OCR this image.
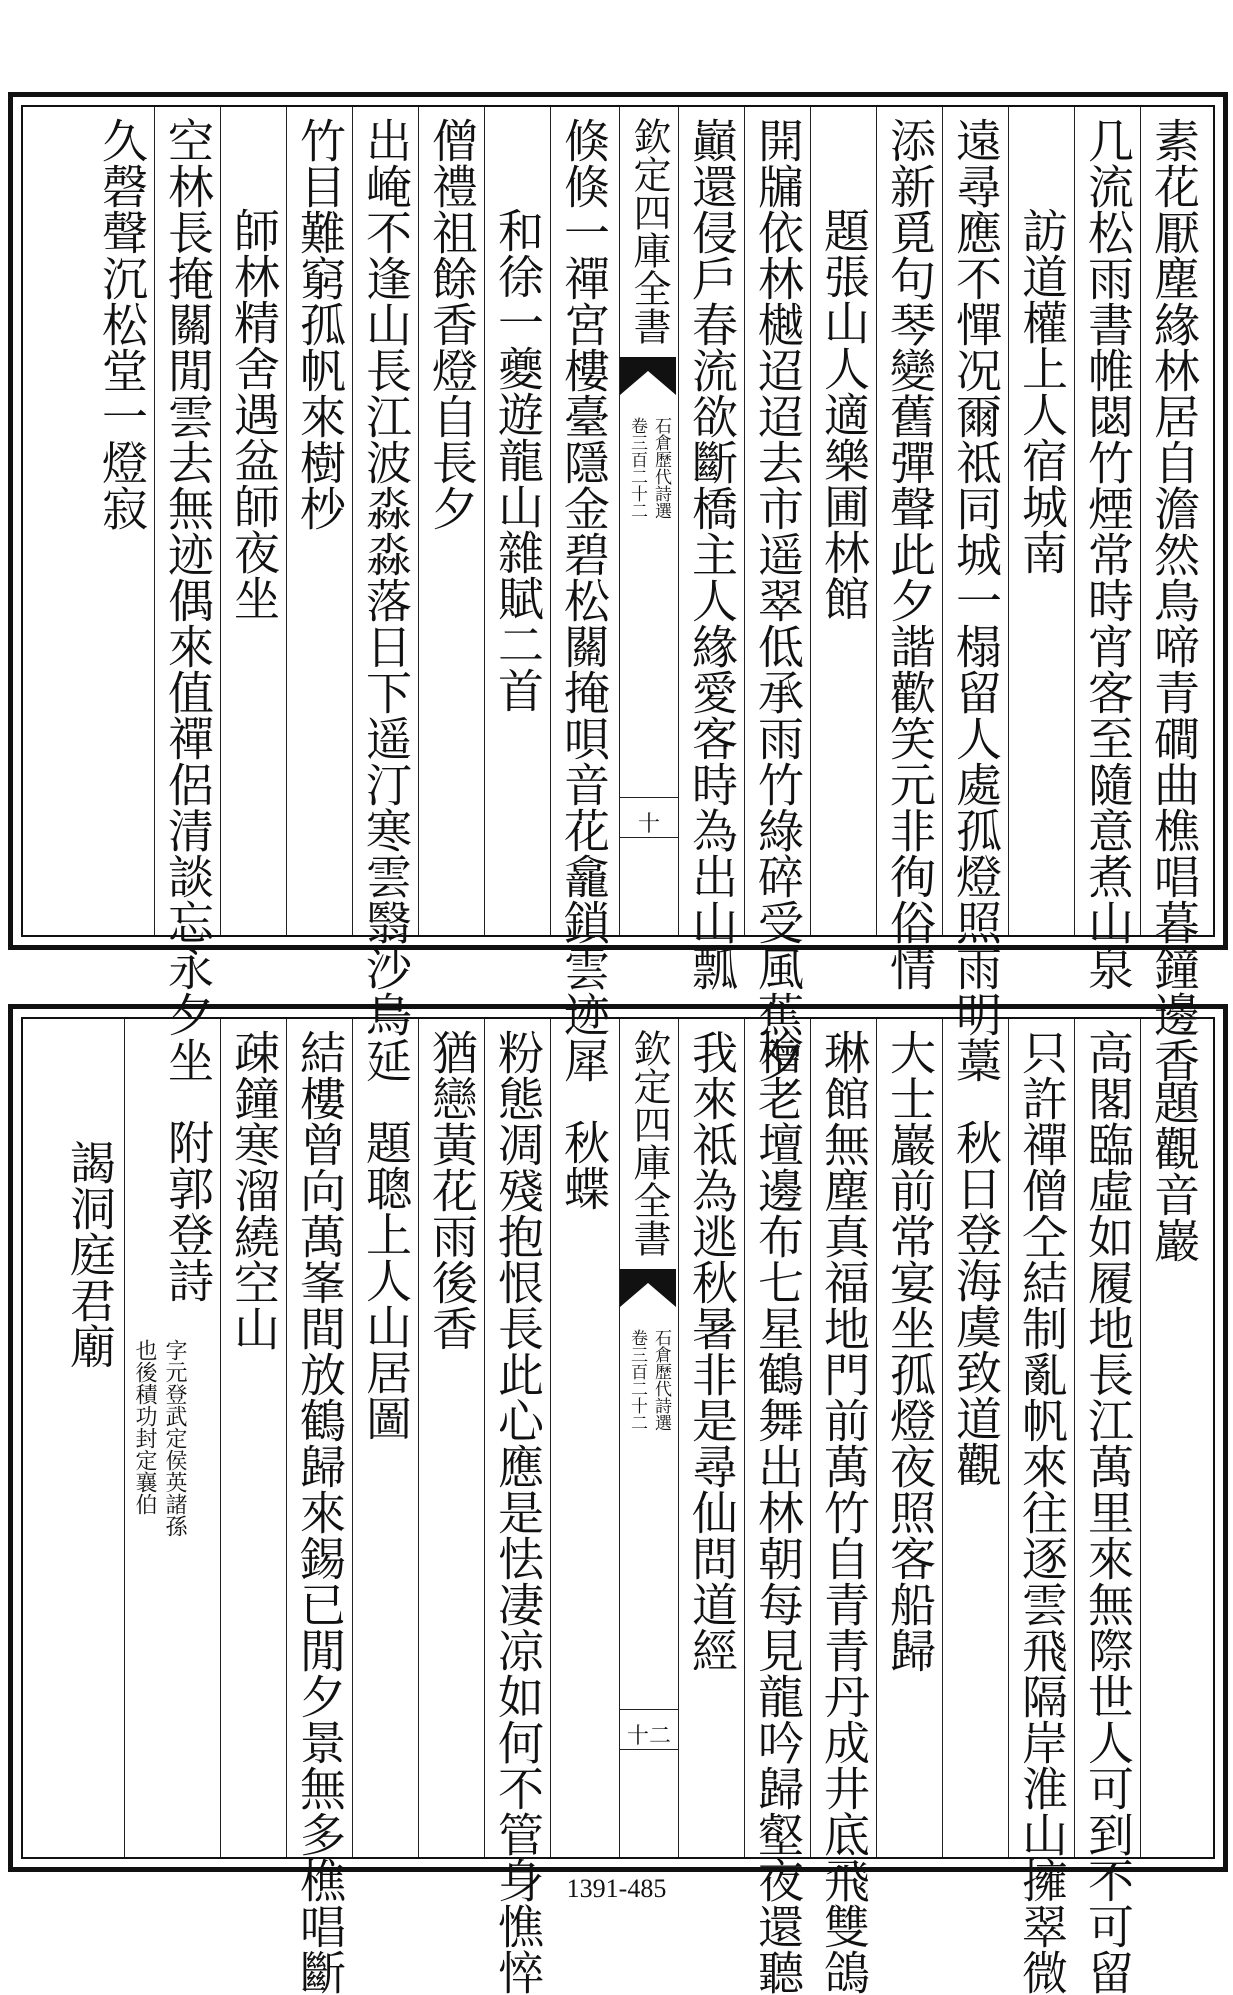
素花厭塵緣林居自澹然鳥啼青磵曲樵唱暮鐘邊香
几流松雨書帷閟竹煙常時宵客至隨意煮山泉
訪道權上人宿城南
遠尋應不憚况爾祗同城一榻留人處孤燈照雨明藁
添新覓句琴變舊彈聲此夕諧歡笑元非徇俗情
題張山人適樂圃林館
開牖依林樾迢迢去市遥翠低承雨竹綠碎受風蕉夕
巓還侵戶春流欲斷橋主人緣愛客時為出山瓢
欽定四庫全書
石倉歷代詩選
卷三百二十二
十
倏倏一禪宮樓臺隱金碧松關掩唄音花龕鎖雲迹犀
和徐一夔遊龍山雜賦二首
僧禮祖餘香燈自長夕
出崦不逢山長江波淼淼落日下遥汀寒雲翳沙鳥延
竹目難窮孤帆來樹杪
師林精舍遇盆師夜坐
空林長掩關閒雲去無迹偶來值禪侶清談忘永夕坐
久磬聲沉松堂一燈寂
題觀音巖
高閣臨虛如履地長江萬里來無際世人可到不可留
只許禪僧仝結制亂帆來往逐雲飛隔岸淮山擁翠微
秋日登海虞致道觀
大士巖前常宴坐孤燈夜照客船歸
琳館無塵真福地門前萬竹自青青丹成井底飛雙鴿
檜老壇邊布七星鶴舞出林朝每見龍吟歸壑夜還聽
我來祗為逃秋暑非是尋仙問道經
欽定四庫全書
石倉歷代詩選
卷三百二十二
十二
秋蝶
粉態凋殘抱恨長此心應是怯凄凉如何不管身憔悴
猶戀黃花雨後香
題聰上人山居圖
結樓曾向萬峯間放鶴歸來錫已閒夕景無多樵唱斷
疎鐘寒溜繞空山
附郭登詩
字元登武定侯英諸孫
也後積功封定襄伯
謁洞庭君廟
1391-485
